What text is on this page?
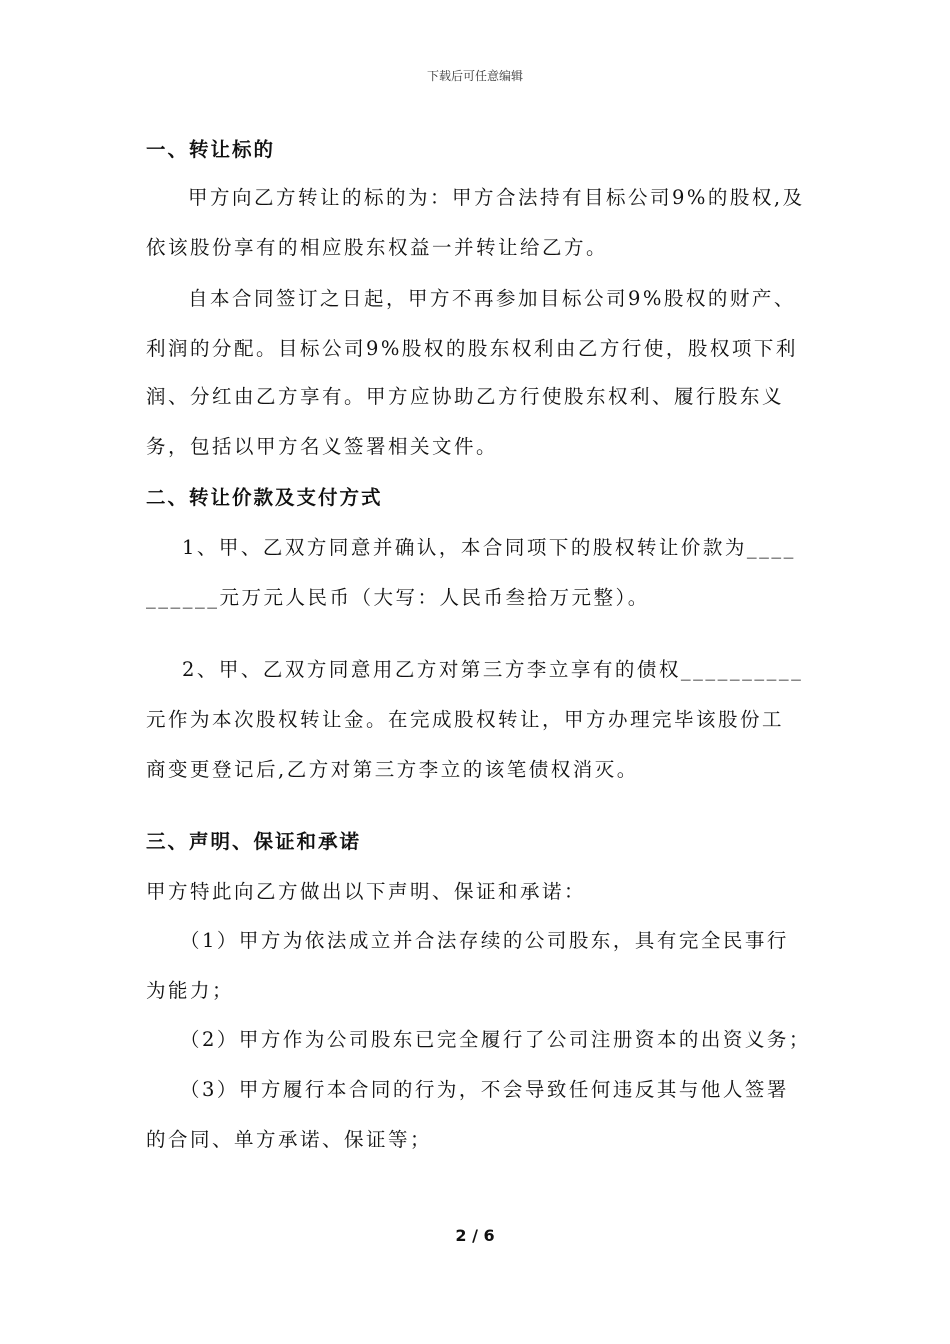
下载后可任意编辑
一、转让标的
甲方向乙方转让的标的为：甲方合法持有目标公司9%的股权,及
依该股份享有的相应股东权益一并转让给乙方。
自本合同签订之日起，甲方不再参加目标公司9%股权的财产、
利润的分配。目标公司9%股权的股东权利由乙方行使，股权项下利
润、分红由乙方享有。甲方应协助乙方行使股东权利、履行股东义
务，包括以甲方名义签署相关文件。
二、转让价款及支付方式
1、甲、乙双方同意并确认，本合同项下的股权转让价款为____
______元万元人民币（大写：人民币叁拾万元整）。
2、甲、乙双方同意用乙方对第三方李立享有的债权__________
元作为本次股权转让金。在完成股权转让，甲方办理完毕该股份工
商变更登记后,乙方对第三方李立的该笔债权消灭。
三、声明、保证和承诺
甲方特此向乙方做出以下声明、保证和承诺：
（1）甲方为依法成立并合法存续的公司股东，具有完全民事行
为能力；
（2）甲方作为公司股东已完全履行了公司注册资本的出资义务；
（3）甲方履行本合同的行为，不会导致任何违反其与他人签署
的合同、单方承诺、保证等；
2 / 6
